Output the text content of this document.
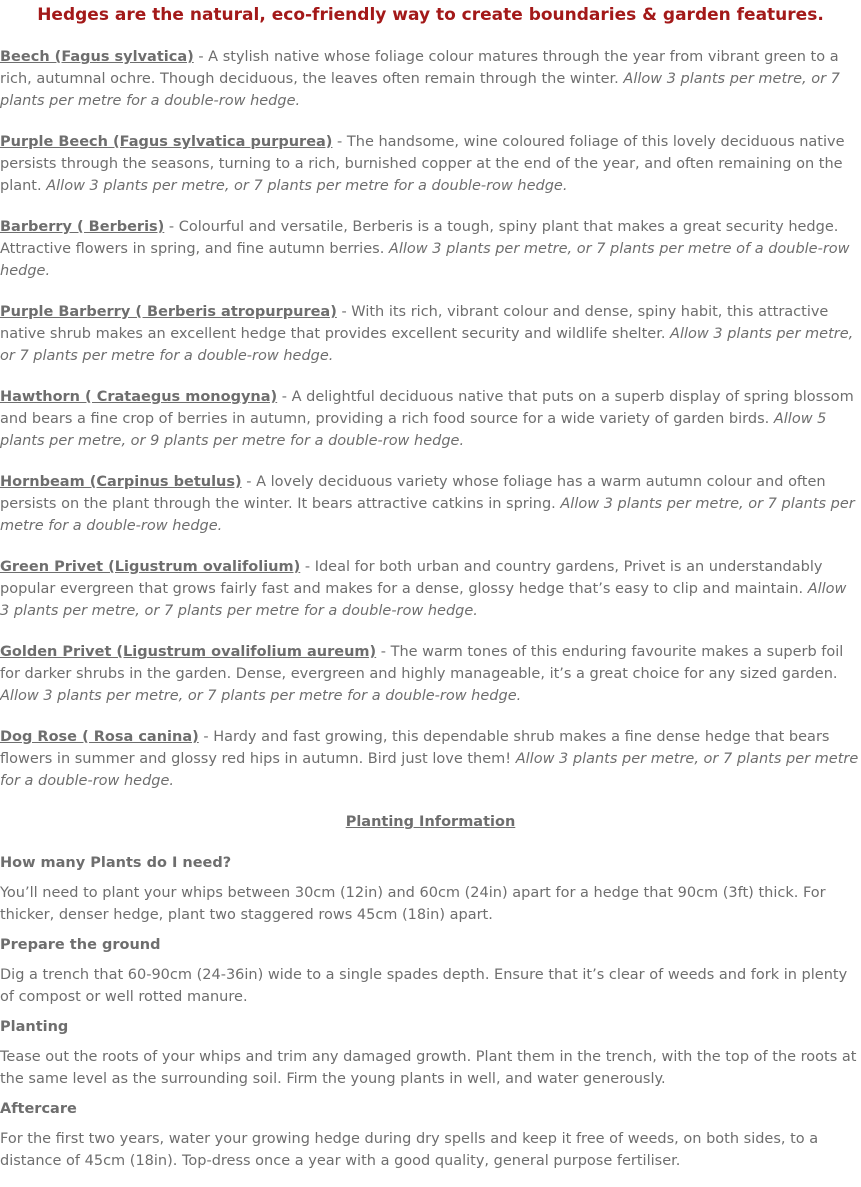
Hedges are the natural, eco-friendly way to create boundaries & garden features.
Beech (Fagus sylvatica) - A stylish native whose foliage colour matures through the year from vibrant green to a rich, autumnal ochre. Though deciduous, the leaves often remain through the winter. Allow 3 plants per metre, or 7 plants per metre for a double-row hedge.
Purple Beech (Fagus sylvatica purpurea) - The handsome, wine coloured foliage of this lovely deciduous native persists through the seasons, turning to a rich, burnished copper at the end of the year, and often remaining on the plant. Allow 3 plants per metre, or 7 plants per metre for a double-row hedge.
Barberry ( Berberis) - Colourful and versatile, Berberis is a tough, spiny plant that makes a great security hedge. Attractive flowers in spring, and fine autumn berries. Allow 3 plants per metre, or 7 plants per metre of a double-row hedge.
Purple Barberry ( Berberis atropurpurea) - With its rich, vibrant colour and dense, spiny habit, this attractive native shrub makes an excellent hedge that provides excellent security and wildlife shelter. Allow 3 plants per metre, or 7 plants per metre for a double-row hedge.
Hawthorn ( Crataegus monogyna) - A delightful deciduous native that puts on a superb display of spring blossom and bears a fine crop of berries in autumn, providing a rich food source for a wide variety of garden birds. Allow 5 plants per metre, or 9 plants per metre for a double-row hedge.
Hornbeam (Carpinus betulus) - A lovely deciduous variety whose foliage has a warm autumn colour and often persists on the plant through the winter. It bears attractive catkins in spring. Allow 3 plants per metre, or 7 plants per metre for a double-row hedge.
Green Privet (Ligustrum ovalifolium) - Ideal for both urban and country gardens, Privet is an understandably popular evergreen that grows fairly fast and makes for a dense, glossy hedge that’s easy to clip and maintain. Allow 3 plants per metre, or 7 plants per metre for a double-row hedge.
Golden Privet (Ligustrum ovalifolium aureum) - The warm tones of this enduring favourite makes a superb foil for darker shrubs in the garden. Dense, evergreen and highly manageable, it’s a great choice for any sized garden. Allow 3 plants per metre, or 7 plants per metre for a double-row hedge.
Dog Rose ( Rosa canina) - Hardy and fast growing, this dependable shrub makes a fine dense hedge that bears flowers in summer and glossy red hips in autumn. Bird just love them! Allow 3 plants per metre, or 7 plants per metre for a double-row hedge.
Planting Information
How many Plants do I need?
You’ll need to plant your whips between 30cm (12in) and 60cm (24in) apart for a hedge that 90cm (3ft) thick. For thicker, denser hedge, plant two staggered rows 45cm (18in) apart.
Prepare the ground
Dig a trench that 60-90cm (24-36in) wide to a single spades depth. Ensure that it’s clear of weeds and fork in plenty of compost or well rotted manure.
Planting
Tease out the roots of your whips and trim any damaged growth. Plant them in the trench, with the top of the roots at the same level as the surrounding soil. Firm the young plants in well, and water generously.
Aftercare
For the first two years, water your growing hedge during dry spells and keep it free of weeds, on both sides, to a distance of 45cm (18in). Top-dress once a year with a good quality, general purpose fertiliser.
